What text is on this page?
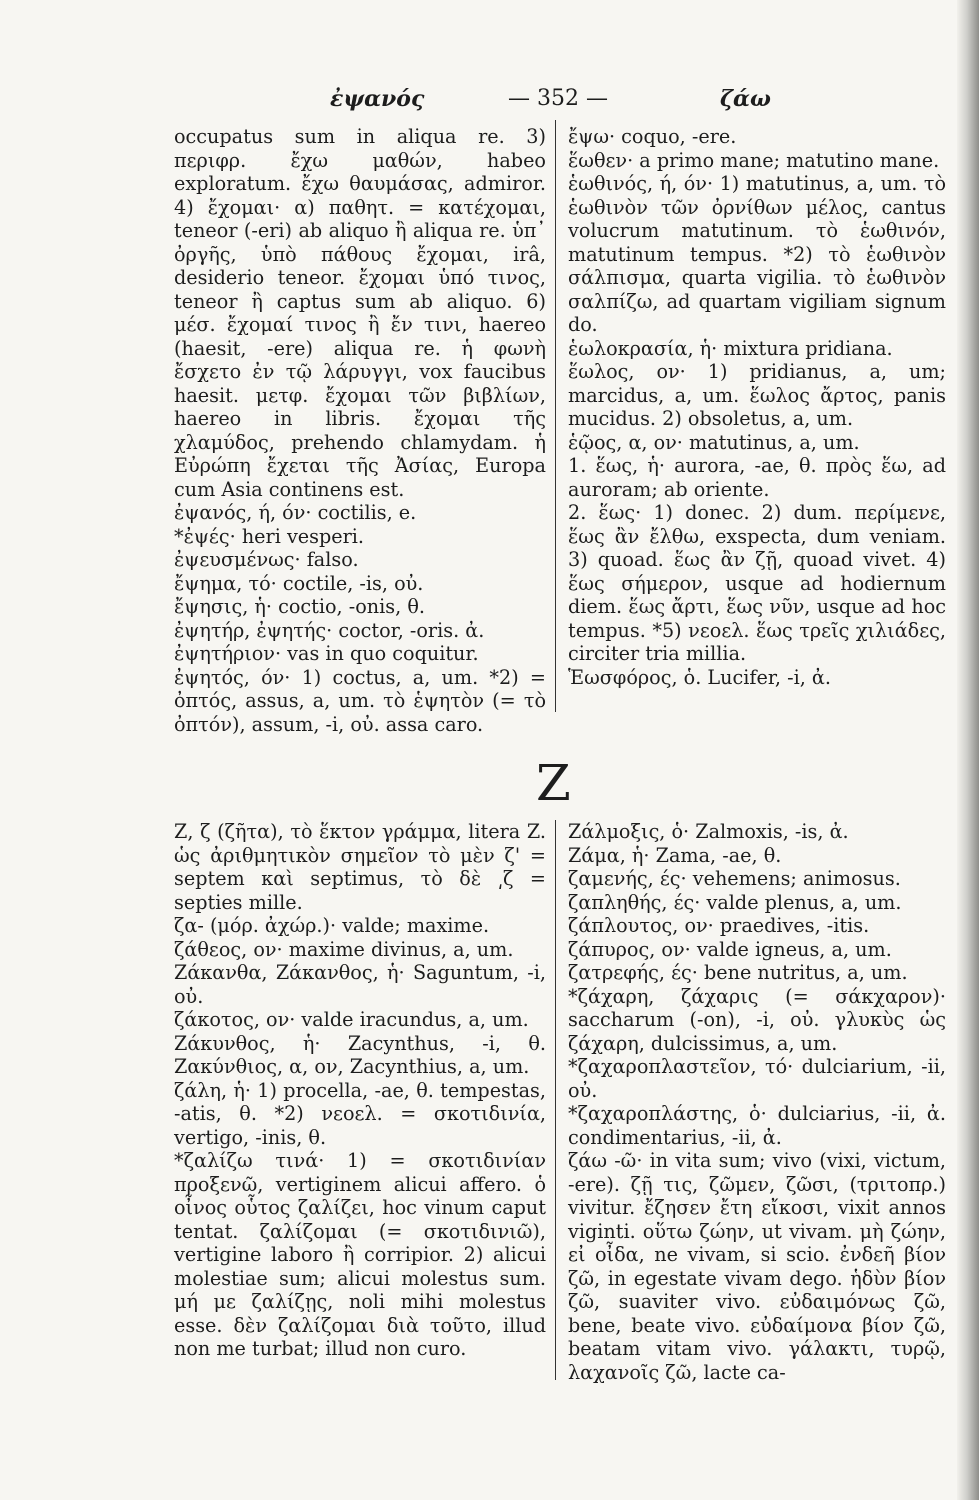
ἐψανός	— 352 —	ζάω

occupatus sum in aliqua re. 3) περιφρ. ἔχω μαθών, habeo exploratum. ἔχω θαυμάσας, admiror. 4) ἔχομαι· α) παθητ. = κατέχομαι, teneor (-eri) ab aliquo ἢ aliqua re. ὑπ᾽ ὀργῆς, ὑπὸ πάθους ἔχομαι, irâ, desiderio teneor. ἔχομαι ὑπό τινος, teneor ἢ captus sum ab aliquo. 6) μέσ. ἔχομαί τινος ἢ ἔν τινι, haereo (haesit, -ere) aliqua re. ἡ φωνὴ ἔσχετο ἐν τῷ λάρυγγι, vox faucibus haesit. μετφ. ἔχομαι τῶν βιβλίων, haereo in libris. ἔχομαι τῆς χλαμύδος, prehendo chlamydam. ἡ Εὐρώπη ἔχεται τῆς Ἀσίας, Europa cum Asia continens est.

ἐψανός, ή, όν· coctilis, e.

*ἐψές· heri vesperi.

ἐψευσμένως· falso.

ἔψημα, τό· coctile, -is, οὐ.

ἔψησις, ἡ· coctio, -onis, θ.

ἐψητήρ, ἐψητής· coctor, -oris. ἀ.

ἐψητήριον· vas in quo coquitur.

ἐψητός, όν· 1) coctus, a, um. *2) = ὀπτός, assus, a, um. τὸ ἑψητὸν (= τὸ ὀπτόν), assum, -i, οὐ. assa caro.

ἔψω· coquo, -ere.

ἕωθεν· a primo mane; matutino mane.

ἑωθινός, ή, όν· 1) matutinus, a, um. τὸ ἑωθινὸν τῶν ὀρνίθων μέλος, cantus volucrum matutinum. τὸ ἑωθινόν, matutinum tempus. *2) τὸ ἑωθινὸν σάλπισμα, quarta vigilia. τὸ ἑωθινὸν σαλπίζω, ad quartam vigiliam signum do.

ἑωλοκρασία, ἡ· mixtura pridiana.

ἕωλος, ον· 1) pridianus, a, um; marcidus, a, um. ἕωλος ἄρτος, panis mucidus. 2) obsoletus, a, um.

ἑῷος, α, ον· matutinus, a, um.

1. ἕως, ἡ· aurora, -ae, θ. πρὸς ἕω, ad auroram; ab oriente.

2. ἕως· 1) donec. 2) dum. περίμενε, ἕως ἂν ἔλθω, exspecta, dum veniam. 3) quoad. ἕως ἂν ζῇ, quoad vivet. 4) ἕως σήμερον, usque ad hodiernum diem. ἕως ἄρτι, ἕως νῦν, usque ad hoc tempus. *5) νεοελ. ἕως τρεῖς χιλιάδες, circiter tria millia.

Ἑωσφόρος, ὁ. Lucifer, -i, ἀ.

Z

Ζ, ζ (ζῆτα), τὸ ἕκτον γράμμα, litera Z. ὡς ἀριθμητικὸν σημεῖον τὸ μὲν ζ' = septem καὶ septimus, τὸ δὲ ͵ζ = septies mille.

ζα- (μόρ. ἀχώρ.)· valde; maxime.

ζάθεος, ον· maxime divinus, a, um.

Ζάκανθα, Ζάκανθος, ἡ· Saguntum, -i, οὐ.

ζάκοτος, ον· valde iracundus, a, um.

Ζάκυνθος, ἡ· Zacynthus, -i, θ. Ζακύνθιος, α, ον, Zacynthius, a, um.

ζάλη, ἡ· 1) procella, -ae, θ. tempestas, -atis, θ. *2) νεοελ. = σκοτιδινία, vertigo, -inis, θ.

*ζαλίζω τινά· 1) = σκοτιδινίαν προξενῶ, vertiginem alicui affero. ὁ οἶνος οὗτος ζαλίζει, hoc vinum caput tentat. ζαλίζομαι (= σκοτιδινιῶ), vertigine laboro ἢ corripior. 2) alicui molestiae sum; alicui molestus sum. μή με ζαλίζῃς, noli mihi molestus esse. δὲν ζαλίζομαι διὰ τοῦτο, illud non me turbat; illud non curo.

Ζάλμοξις, ὁ· Zalmoxis, -is, ἀ.

Ζάμα, ἡ· Zama, -ae, θ.

ζαμενής, ές· vehemens; animosus.

ζαπληθής, ές· valde plenus, a, um.

ζάπλουτος, ον· praedives, -itis.

ζάπυρος, ον· valde igneus, a, um.

ζατρεφής, ές· bene nutritus, a, um.

*ζάχαρη, ζάχαρις (= σάκχαρον)· saccharum (-on), -i, οὐ. γλυκὺς ὡς ζάχαρη, dulcissimus, a, um.

*ζαχαροπλαστεῖον, τό· dulciarium, -ii, οὐ.

*ζαχαροπλάστης, ὁ· dulciarius, -ii, ἀ. condimentarius, -ii, ἀ.

ζάω -ῶ· in vita sum; vivo (vixi, victum, -ere). ζῇ τις, ζῶμεν, ζῶσι, (τριτοπρ.) vivitur. ἔζησεν ἔτη εἴκοσι, vixit annos viginti. οὕτω ζώην, ut vivam. μὴ ζώην, εἰ οἶδα, ne vivam, si scio. ἐνδεῆ βίον ζῶ, in egestate vivam dego. ἡδὺν βίον ζῶ, suaviter vivo. εὐδαιμόνως ζῶ, bene, beate vivo. εὐδαίμονα βίον ζῶ, beatam vitam vivo. γάλακτι, τυρῷ, λαχανοῖς ζῶ, lacte ca-
